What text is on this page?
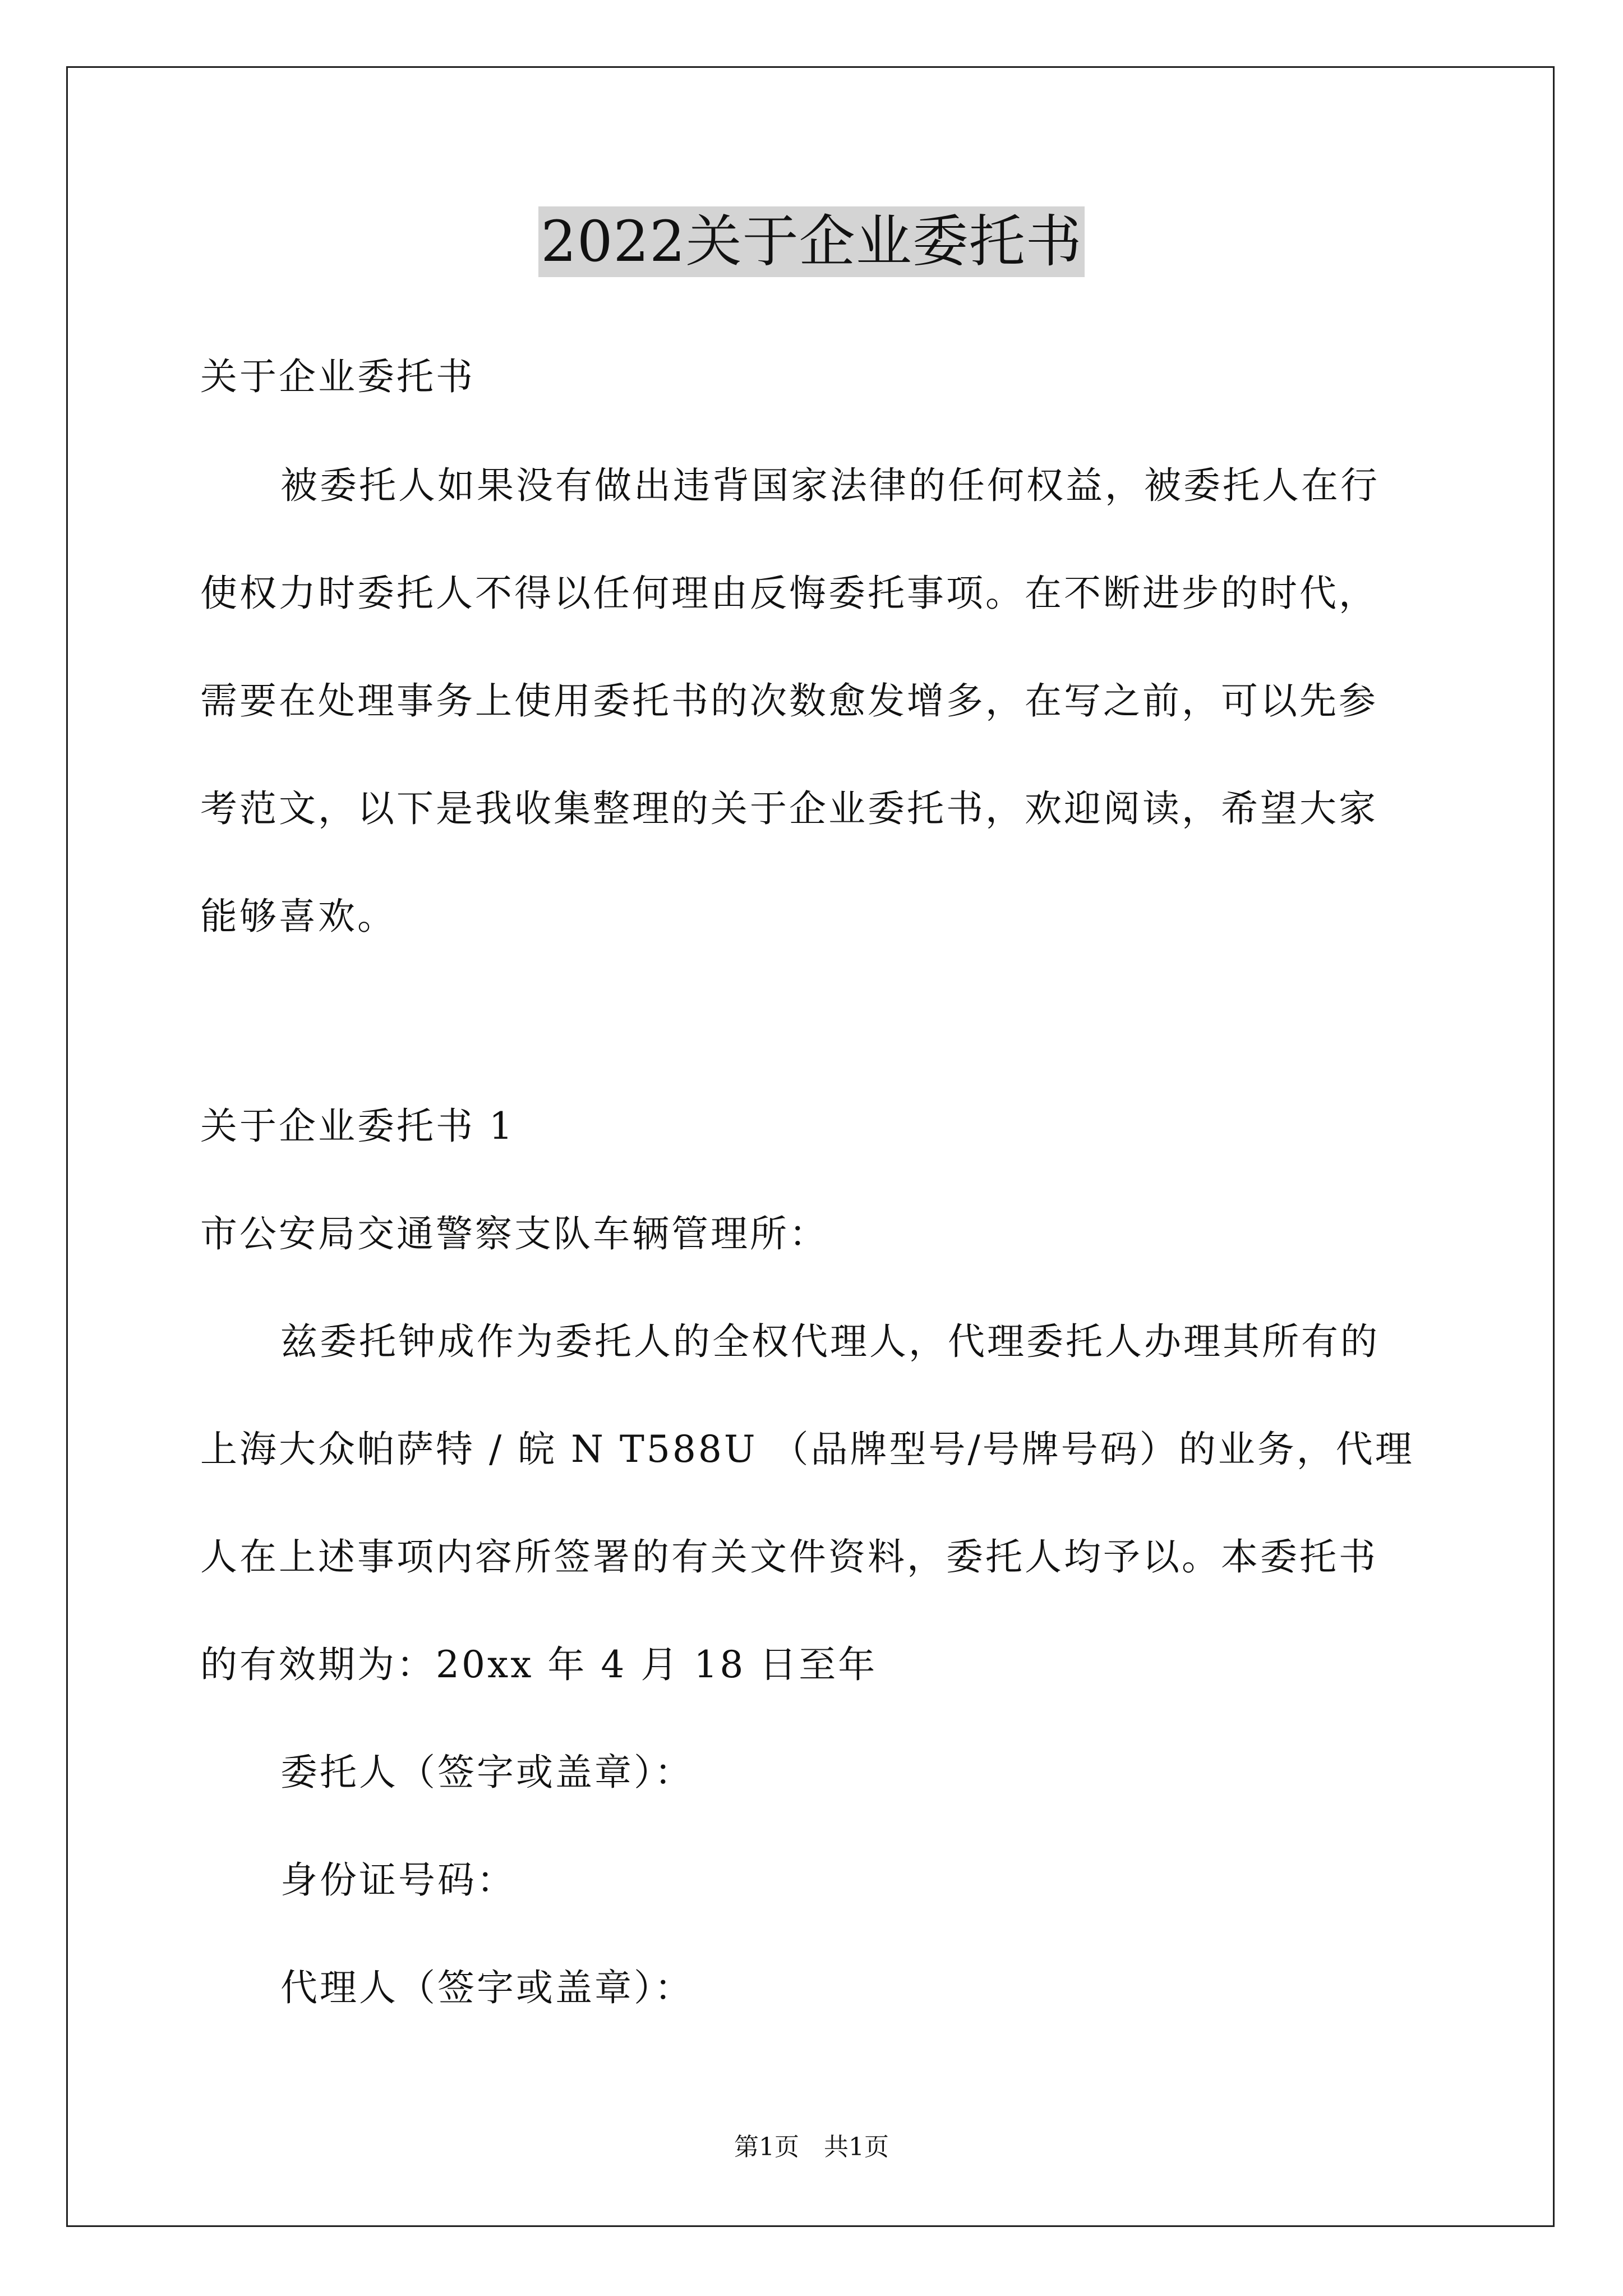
2022关于企业委托书
关于企业委托书
被委托人如果没有做出违背国家法律的任何权益，被委托人在行
使权力时委托人不得以任何理由反悔委托事项。在不断进步的时代，
需要在处理事务上使用委托书的次数愈发增多，在写之前，可以先参
考范文，以下是我收集整理的关于企业委托书，欢迎阅读，希望大家
能够喜欢。
关于企业委托书 1
市公安局交通警察支队车辆管理所：
兹委托钟成作为委托人的全权代理人，代理委托人办理其所有的
上海大众帕萨特 / 皖 N T588U （品牌型号/号牌号码）的业务，代理
人在上述事项内容所签署的有关文件资料，委托人均予以。本委托书
的有效期为：20xx 年 4 月 18 日至年
委托人（签字或盖章）：
身份证号码：
代理人（签字或盖章）：
第1页　共1页
